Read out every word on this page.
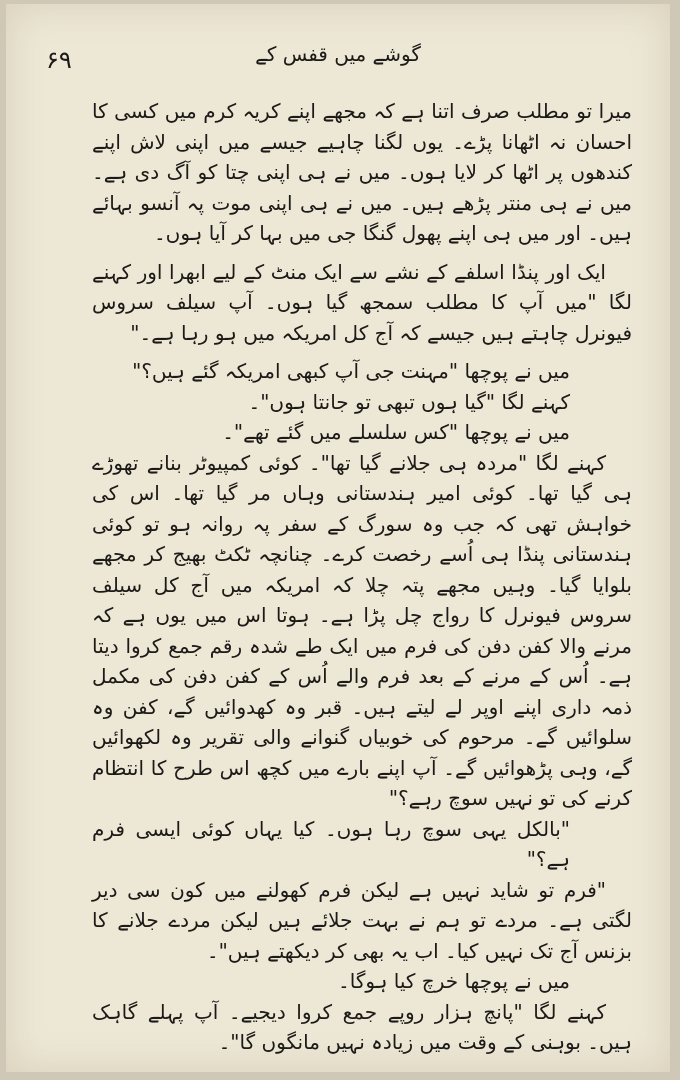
۶۹	گوشے میں قفس کے

میرا تو مطلب صرف اتنا ہے کہ مجھے اپنے کریہ کرم میں کسی کا احسان نہ اٹھانا پڑے۔ یوں لگنا چاہیے جیسے میں اپنی لاش اپنے کندھوں پر اٹھا کر لایا ہوں۔ میں نے ہی اپنی چتا کو آگ دی ہے۔ میں نے ہی منتر پڑھے ہیں۔ میں نے ہی اپنی موت پہ آنسو بہائے ہیں۔ اور میں ہی اپنے پھول گنگا جی میں بہا کر آیا ہوں۔

ایک اور پنڈا اسلفے کے نشے سے ایک منٹ کے لیے ابھرا اور کہنے لگا "میں آپ کا مطلب سمجھ گیا ہوں۔ آپ سیلف سروس فیونرل چاہتے ہیں جیسے کہ آج کل امریکہ میں ہو رہا ہے۔"

میں نے پوچھا "مہنت جی آپ کبھی امریکہ گئے ہیں؟"

کہنے لگا "گیا ہوں تبھی تو جانتا ہوں"۔

میں نے پوچھا "کس سلسلے میں گئے تھے"۔

کہنے لگا "مردہ ہی جلانے گیا تھا"۔ کوئی کمپیوٹر بنانے تھوڑے ہی گیا تھا۔ کوئی امیر ہندستانی وہاں مر گیا تھا۔ اس کی خواہش تھی کہ جب وہ سورگ کے سفر پہ روانہ ہو تو کوئی ہندستانی پنڈا ہی اُسے رخصت کرے۔ چنانچہ ٹکٹ بھیج کر مجھے بلوایا گیا۔ وہیں مجھے پتہ چلا کہ امریکہ میں آج کل سیلف سروس فیونرل کا رواج چل پڑا ہے۔ ہوتا اس میں یوں ہے کہ مرنے والا کفن دفن کی فرم میں ایک طے شدہ رقم جمع کروا دیتا ہے۔ اُس کے مرنے کے بعد فرم والے اُس کے کفن دفن کی مکمل ذمہ داری اپنے اوپر لے لیتے ہیں۔ قبر وہ کھدوائیں گے، کفن وہ سلوائیں گے۔ مرحوم کی خوبیاں گنوانے والی تقریر وہ لکھوائیں گے، وہی پڑھوائیں گے۔ آپ اپنے بارے میں کچھ اس طرح کا انتظام کرنے کی تو نہیں سوچ رہے؟"

"بالکل یہی سوچ رہا ہوں۔ کیا یہاں کوئی ایسی فرم ہے؟"

"فرم تو شاید نہیں ہے لیکن فرم کھولنے میں کون سی دیر لگتی ہے۔ مردے تو ہم نے بہت جلائے ہیں لیکن مردے جلانے کا بزنس آج تک نہیں کیا۔ اب یہ بھی کر دیکھتے ہیں"۔

میں نے پوچھا خرچ کیا ہوگا۔

کہنے لگا "پانچ ہزار روپے جمع کروا دیجیے۔ آپ پہلے گاہک ہیں۔ بوہنی کے وقت میں زیادہ نہیں مانگوں گا"۔
